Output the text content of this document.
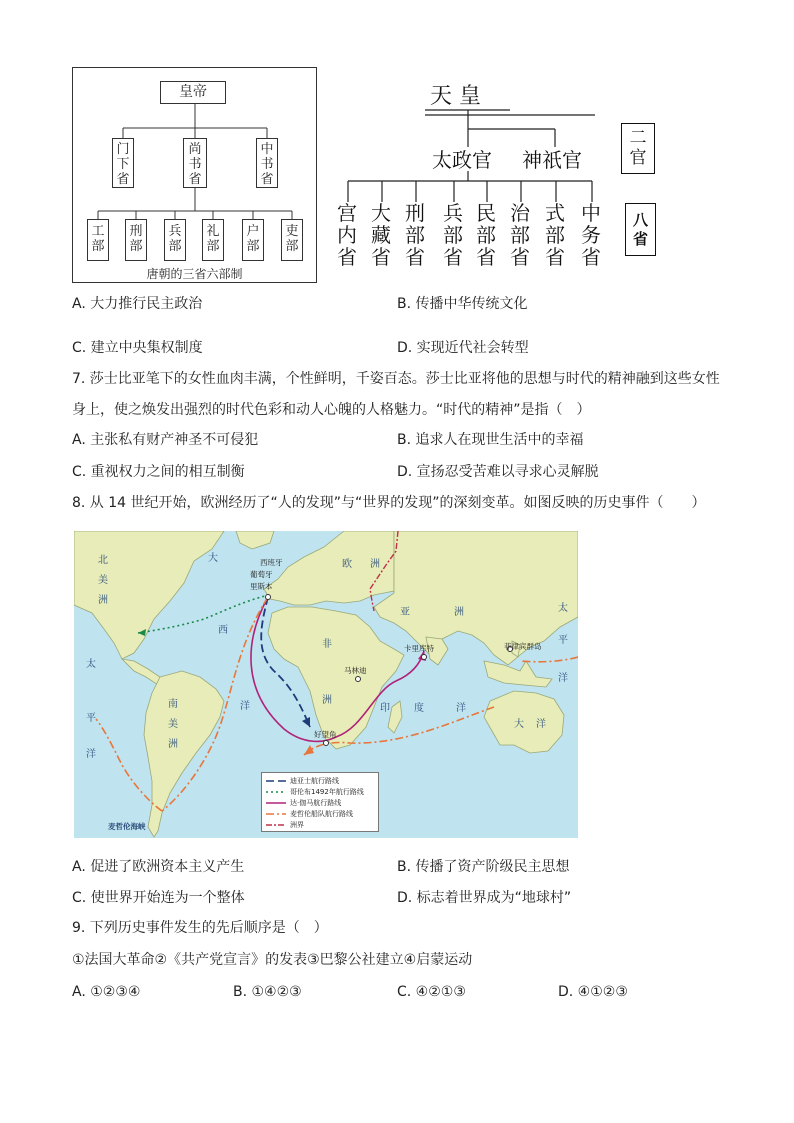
皇帝
门下省
尚书省
中书省
工部
刑部
兵部
礼部
户部
吏部
唐朝的三省六部制
天 皇
太政官 神祇官
二官
宫内省
大藏省
刑部省
兵部省
民部省
治部省
式部省
中务省
八省
A. 大力推行民主政治	B. 传播中华传统文化
C. 建立中央集权制度	D. 实现近代社会转型
7. 莎士比亚笔下的女性血肉丰满，个性鲜明，千姿百态。莎士比亚将他的思想与时代的精神融到这些女性
身上，使之焕发出强烈的时代色彩和动人心魄的人格魅力。“时代的精神”是指（　）
A. 主张私有财产神圣不可侵犯	B. 追求人在现世生活中的幸福
C. 重视权力之间的相互制衡	D. 宣扬忍受苦难以寻求心灵解脱
8. 从 14 世纪开始，欧洲经历了“人的发现”与“世界的发现”的深刻变革。如图反映的历史事件（　　）
北
美
洲
南
美
洲
欧 洲
非
洲
亚	洲
大 洋
大
西
洋	印 度	洋
太
平
洋
太
平
洋
西班牙
葡萄牙
里斯本
卡里库特
马林迪
好望角
菲律宾群岛
麦哲伦海峡
迪亚士航行路线
哥伦布1492年航行路线
达·伽马航行路线
麦哲伦船队航行路线
洲界
A. 促进了欧洲资本主义产生	B. 传播了资产阶级民主思想
C. 使世界开始连为一个整体	D. 标志着世界成为“地球村”
9. 下列历史事件发生的先后顺序是（　）
①法国大革命②《共产党宣言》的发表③巴黎公社建立④启蒙运动
A. ①②③④	B. ①④②③	C. ④②①③	D. ④①②③
